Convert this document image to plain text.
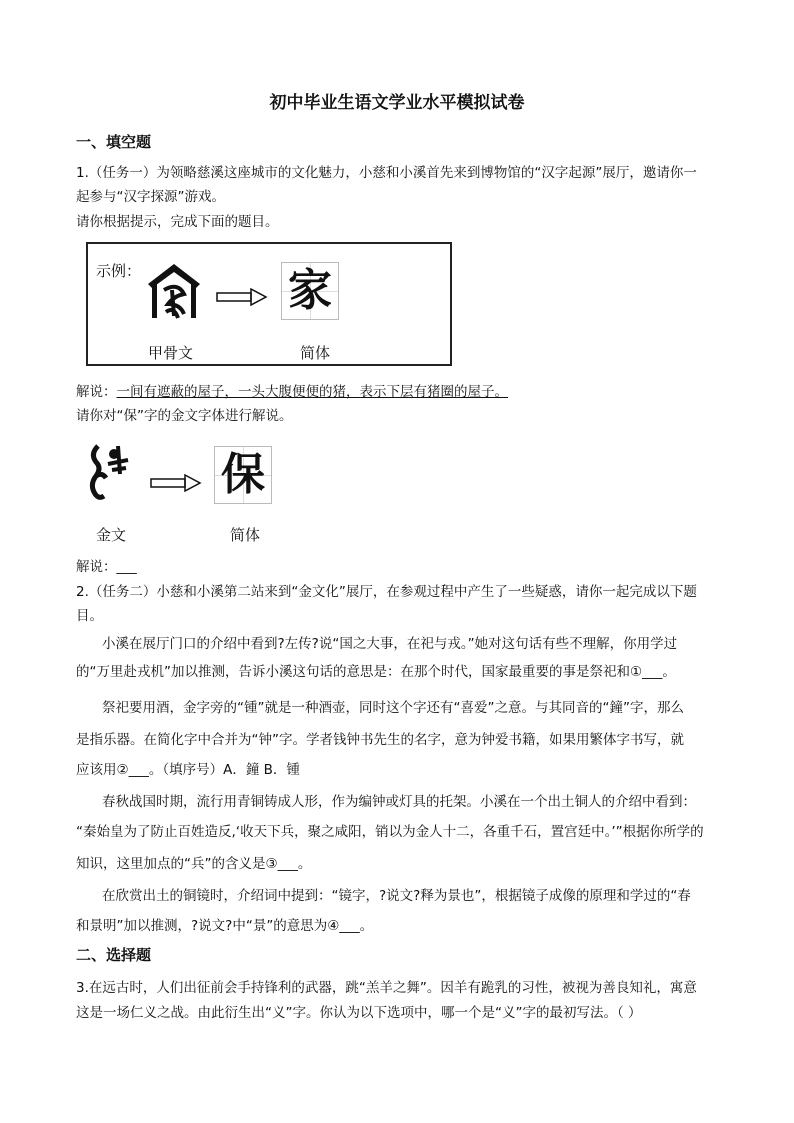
初中毕业生语文学业水平模拟试卷
一、填空题
1.（任务一）为领略慈溪这座城市的文化魅力，小慈和小溪首先来到博物馆的“汉字起源”展厅，邀请你一
起参与“汉字探源”游戏。
请你根据提示，完成下面的题目。
示例：	家
甲骨文	简体
解说：一间有遮蔽的屋子，一头大腹便便的猪，表示下层有猪圈的屋子。
请你对“保”字的金文字体进行解说。
保
金文	简体
解说：___
2.（任务二）小慈和小溪第二站来到“金文化”展厅，在参观过程中产生了一些疑惑，请你一起完成以下题
目。
小溪在展厅门口的介绍中看到?左传?说“国之大事，在祀与戎。”她对这句话有些不理解，你用学过
的“万里赴戎机”加以推测，告诉小溪这句话的意思是：在那个时代，国家最重要的事是祭祀和①___。
祭祀要用酒，金字旁的“锺”就是一种酒壶，同时这个字还有“喜爱”之意。与其同音的“鐘”字，那么
是指乐器。在简化字中合并为“钟”字。学者钱钟书先生的名字，意为钟爱书籍，如果用繁体字书写，就
应该用②___。（填序号）A．鐘 B．锺
春秋战国时期，流行用青铜铸成人形，作为编钟或灯具的托架。小溪在一个出土铜人的介绍中看到：
“秦始皇为了防止百姓造反,‘收天下兵，聚之咸阳，销以为金人十二，各重千石，置宫廷中。’”根据你所学的
知识，这里加点的“兵”的含义是③___。
在欣赏出土的铜镜时，介绍词中提到：“镜字，?说文?释为景也”，根据镜子成像的原理和学过的“春
和景明”加以推测，?说文?中“景”的意思为④___。
二、选择题
3.在远古时，人们出征前会手持锋利的武器，跳“羔羊之舞”。因羊有跪乳的习性，被视为善良知礼，寓意
这是一场仁义之战。由此衍生出“义”字。你认为以下选项中，哪一个是“义”字的最初写法。（ ）
